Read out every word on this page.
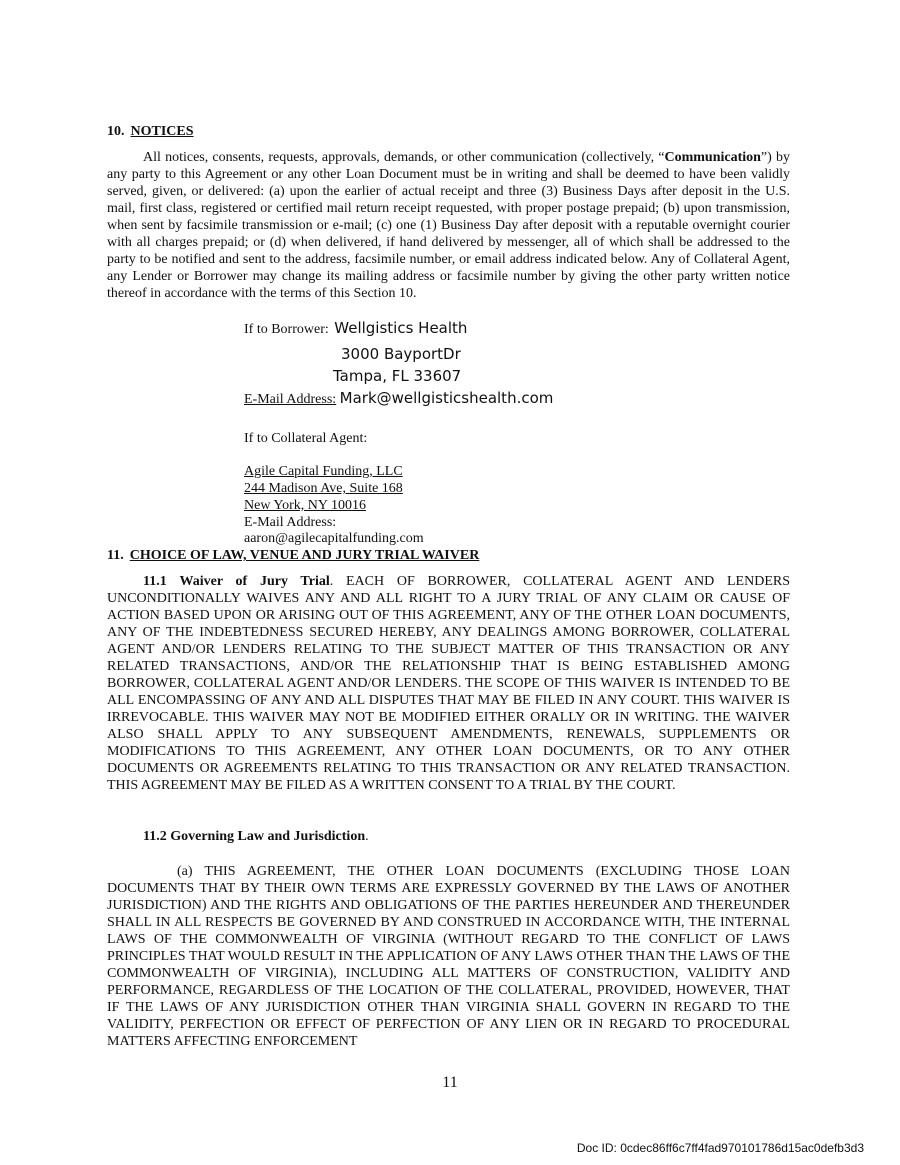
10. NOTICES
All notices, consents, requests, approvals, demands, or other communication (collectively, “Communication”) by any party to this Agreement or any other Loan Document must be in writing and shall be deemed to have been validly served, given, or delivered: (a) upon the earlier of actual receipt and three (3) Business Days after deposit in the U.S. mail, first class, registered or certified mail return receipt requested, with proper postage prepaid; (b) upon transmission, when sent by facsimile transmission or e-mail; (c) one (1) Business Day after deposit with a reputable overnight courier with all charges prepaid; or (d) when delivered, if hand delivered by messenger, all of which shall be addressed to the party to be notified and sent to the address, facsimile number, or email address indicated below. Any of Collateral Agent, any Lender or Borrower may change its mailing address or facsimile number by giving the other party written notice thereof in accordance with the terms of this Section 10.
If to Borrower: Wellgistics Health
3000 BayportDr
Tampa, FL 33607
E-Mail Address: Mark@wellgisticshealth.com
If to Collateral Agent:
Agile Capital Funding, LLC
244 Madison Ave, Suite 168
New York, NY 10016
E-Mail Address:
aaron@agilecapitalfunding.com
11. CHOICE OF LAW, VENUE AND JURY TRIAL WAIVER
11.1 Waiver of Jury Trial. EACH OF BORROWER, COLLATERAL AGENT AND LENDERS UNCONDITIONALLY WAIVES ANY AND ALL RIGHT TO A JURY TRIAL OF ANY CLAIM OR CAUSE OF ACTION BASED UPON OR ARISING OUT OF THIS AGREEMENT, ANY OF THE OTHER LOAN DOCUMENTS, ANY OF THE INDEBTEDNESS SECURED HEREBY, ANY DEALINGS AMONG BORROWER, COLLATERAL AGENT AND/OR LENDERS RELATING TO THE SUBJECT MATTER OF THIS TRANSACTION OR ANY RELATED TRANSACTIONS, AND/OR THE RELATIONSHIP THAT IS BEING ESTABLISHED AMONG BORROWER, COLLATERAL AGENT AND/OR LENDERS. THE SCOPE OF THIS WAIVER IS INTENDED TO BE ALL ENCOMPASSING OF ANY AND ALL DISPUTES THAT MAY BE FILED IN ANY COURT. THIS WAIVER IS IRREVOCABLE. THIS WAIVER MAY NOT BE MODIFIED EITHER ORALLY OR IN WRITING. THE WAIVER ALSO SHALL APPLY TO ANY SUBSEQUENT AMENDMENTS, RENEWALS, SUPPLEMENTS OR MODIFICATIONS TO THIS AGREEMENT, ANY OTHER LOAN DOCUMENTS, OR TO ANY OTHER DOCUMENTS OR AGREEMENTS RELATING TO THIS TRANSACTION OR ANY RELATED TRANSACTION. THIS AGREEMENT MAY BE FILED AS A WRITTEN CONSENT TO A TRIAL BY THE COURT.
11.2 Governing Law and Jurisdiction.
(a) THIS AGREEMENT, THE OTHER LOAN DOCUMENTS (EXCLUDING THOSE LOAN DOCUMENTS THAT BY THEIR OWN TERMS ARE EXPRESSLY GOVERNED BY THE LAWS OF ANOTHER JURISDICTION) AND THE RIGHTS AND OBLIGATIONS OF THE PARTIES HEREUNDER AND THEREUNDER SHALL IN ALL RESPECTS BE GOVERNED BY AND CONSTRUED IN ACCORDANCE WITH, THE INTERNAL LAWS OF THE COMMONWEALTH OF VIRGINIA (WITHOUT REGARD TO THE CONFLICT OF LAWS PRINCIPLES THAT WOULD RESULT IN THE APPLICATION OF ANY LAWS OTHER THAN THE LAWS OF THE COMMONWEALTH OF VIRGINIA), INCLUDING ALL MATTERS OF CONSTRUCTION, VALIDITY AND PERFORMANCE, REGARDLESS OF THE LOCATION OF THE COLLATERAL, PROVIDED, HOWEVER, THAT IF THE LAWS OF ANY JURISDICTION OTHER THAN VIRGINIA SHALL GOVERN IN REGARD TO THE VALIDITY, PERFECTION OR EFFECT OF PERFECTION OF ANY LIEN OR IN REGARD TO PROCEDURAL MATTERS AFFECTING ENFORCEMENT
11
Doc ID: 0cdec86ff6c7ff4fad970101786d15ac0defb3d3
